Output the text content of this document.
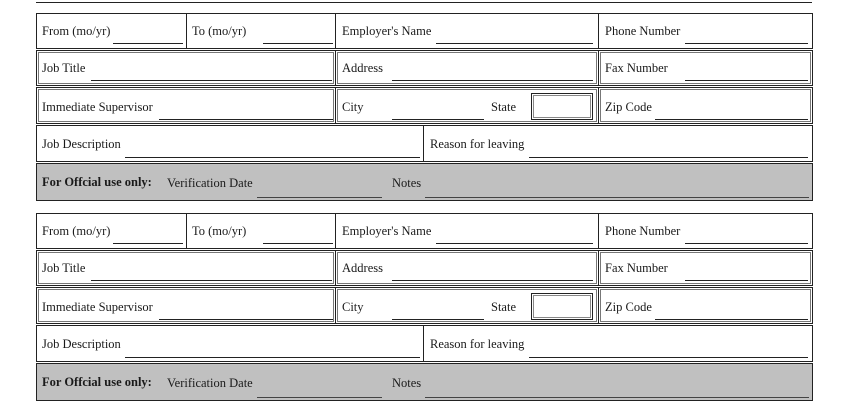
From (mo/yr)	To (mo/yr)	Employer's Name	Phone Number
Job Title	Address	Fax Number
Immediate Supervisor	City	State	Zip Code
Job Description	Reason for leaving
For Offcial use only: Verification Date	Notes
From (mo/yr)	To (mo/yr)	Employer's Name	Phone Number
Job Title	Address	Fax Number
Immediate Supervisor	City	State	Zip Code
Job Description	Reason for leaving
For Offcial use only: Verification Date	Notes
